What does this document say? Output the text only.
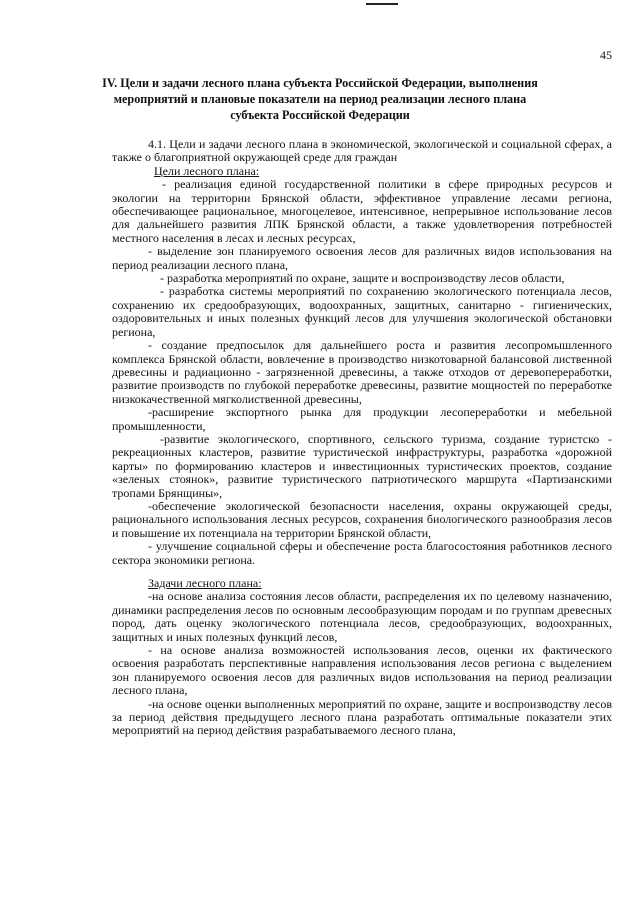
45
IV. Цели и задачи лесного плана субъекта Российской Федерации, выполнения мероприятий и плановые показатели на период реализации лесного плана субъекта Российской Федерации

4.1. Цели и задачи лесного плана в экономической, экологической и социальной сферах, а также о благоприятной окружающей среде для граждан

Цели лесного плана:

- реализация единой государственной политики в сфере природных ресурсов и экологии на территории Брянской области, эффективное управление лесами региона, обеспечивающее рациональное, многоцелевое, интенсивное, непрерывное использование лесов для дальнейшего развития ЛПК Брянской области, а также удовлетворения потребностей местного населения в лесах и лесных ресурсах,

- выделение зон планируемого освоения лесов для различных видов использования на период реализации лесного плана,

- разработка мероприятий по охране, защите и воспроизводству лесов области,

- разработка системы мероприятий по сохранению экологического потенциала лесов, сохранению их средообразующих, водоохранных, защитных, санитарно - гигиенических, оздоровительных и иных полезных функций лесов для улучшения экологической обстановки региона,

- создание предпосылок для дальнейшего роста и развития лесопромышленного комплекса Брянской области, вовлечение в производство низкотоварной балансовой лиственной древесины и радиационно - загрязненной древесины, а также отходов от деревопереработки, развитие производств по глубокой переработке древесины, развитие мощностей по переработке низкокачественной мягколиственной древесины,

-расширение экспортного рынка для продукции лесопереработки и мебельной промышленности,

-развитие экологического, спортивного, сельского туризма, создание туристско - рекреационных кластеров, развитие туристической инфраструктуры, разработка «дорожной карты» по формированию кластеров и инвестиционных туристических проектов, создание «зеленых стоянок», развитие туристического патриотического маршрута «Партизанскими тропами Брянщины»,

-обеспечение экологической безопасности населения, охраны окружающей среды, рационального использования лесных ресурсов, сохранения биологического разнообразия лесов и повышение их потенциала на территории Брянской области,

- улучшение социальной сферы и обеспечение роста благосостояния работников лесного сектора экономики региона.

Задачи лесного плана:

-на основе анализа состояния лесов области, распределения их по целевому назначению, динамики распределения лесов по основным лесообразующим породам и по группам древесных пород, дать оценку экологического потенциала лесов, средообразующих, водоохранных, защитных и иных полезных функций лесов,

- на основе анализа возможностей использования лесов, оценки их фактического освоения разработать перспективные направления использования лесов региона с выделением зон планируемого освоения лесов для различных видов использования на период реализации лесного плана,

-на основе оценки выполненных мероприятий по охране, защите и воспроизводству лесов за период действия предыдущего лесного плана разработать оптимальные показатели этих мероприятий на период действия разрабатываемого лесного плана,
